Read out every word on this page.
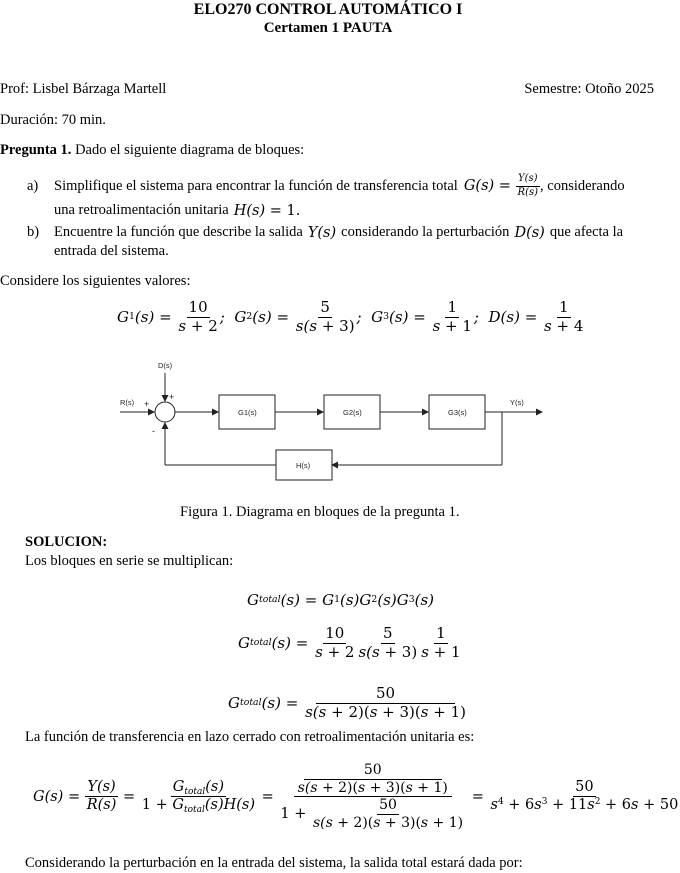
ELO270 CONTROL AUTOMÁTICO I
Certamen 1 PAUTA
Prof: Lisbel Bárzaga Martell	Semestre: Otoño 2025
Duración: 70 min.
Pregunta 1. Dado el siguiente diagrama de bloques:
a) Simplifique el sistema para encontrar la función de transferencia total $G(s) = \frac{Y(s)}{R(s)}$ , considerando
una retroalimentación unitaria H(s) = 1.
b) Encuentre la función que describe la salida Y(s) considerando la perturbación D(s) que afecta la
entrada del sistema.
Considere los siguientes valores:
G 1 $(s) = \frac{10}{s + 2}$ ;  G 2 $(s) = \frac{5}{s(s + 3)}$ ;  G 3 $(s) = \frac{1}{s + 1}$ ;  $D(s) = \frac{1}{s + 4}$
D(s)
R(s) +
+
-
G1(s)	G2(s)	G3(s)
Y(s)
H(s)
Figura 1. Diagrama en bloques de la pregunta 1.
SOLUCION:
Los bloques en serie se multiplican:
G total (s) = G 1 (s)G 2 (s)G 3 (s)
G total $(s) = \frac{10}{s + 2} \frac{5}{s(s + 3)} \frac{1}{s + 1}$
G total $(s) = \frac{50}{s(s + 2)(s + 3)(s + 1)}$
La función de transferencia en lazo cerrado con retroalimentación unitaria es:
$G(s) = \frac{Y(s)}{R(s)} = \frac{G_{total}(s)}{1 + G_{total}(s)H(s)} = \frac{50}{s(s + 2)(s + 3)(s + 1)}$
1 +
$\frac{50}{s(s + 2)(s + 3)(s + 1)} = \frac{50}{s^4 + 6s^3 + 11s^2 + 6s + 50}$
Considerando la perturbación en la entrada del sistema, la salida total estará dada por:
